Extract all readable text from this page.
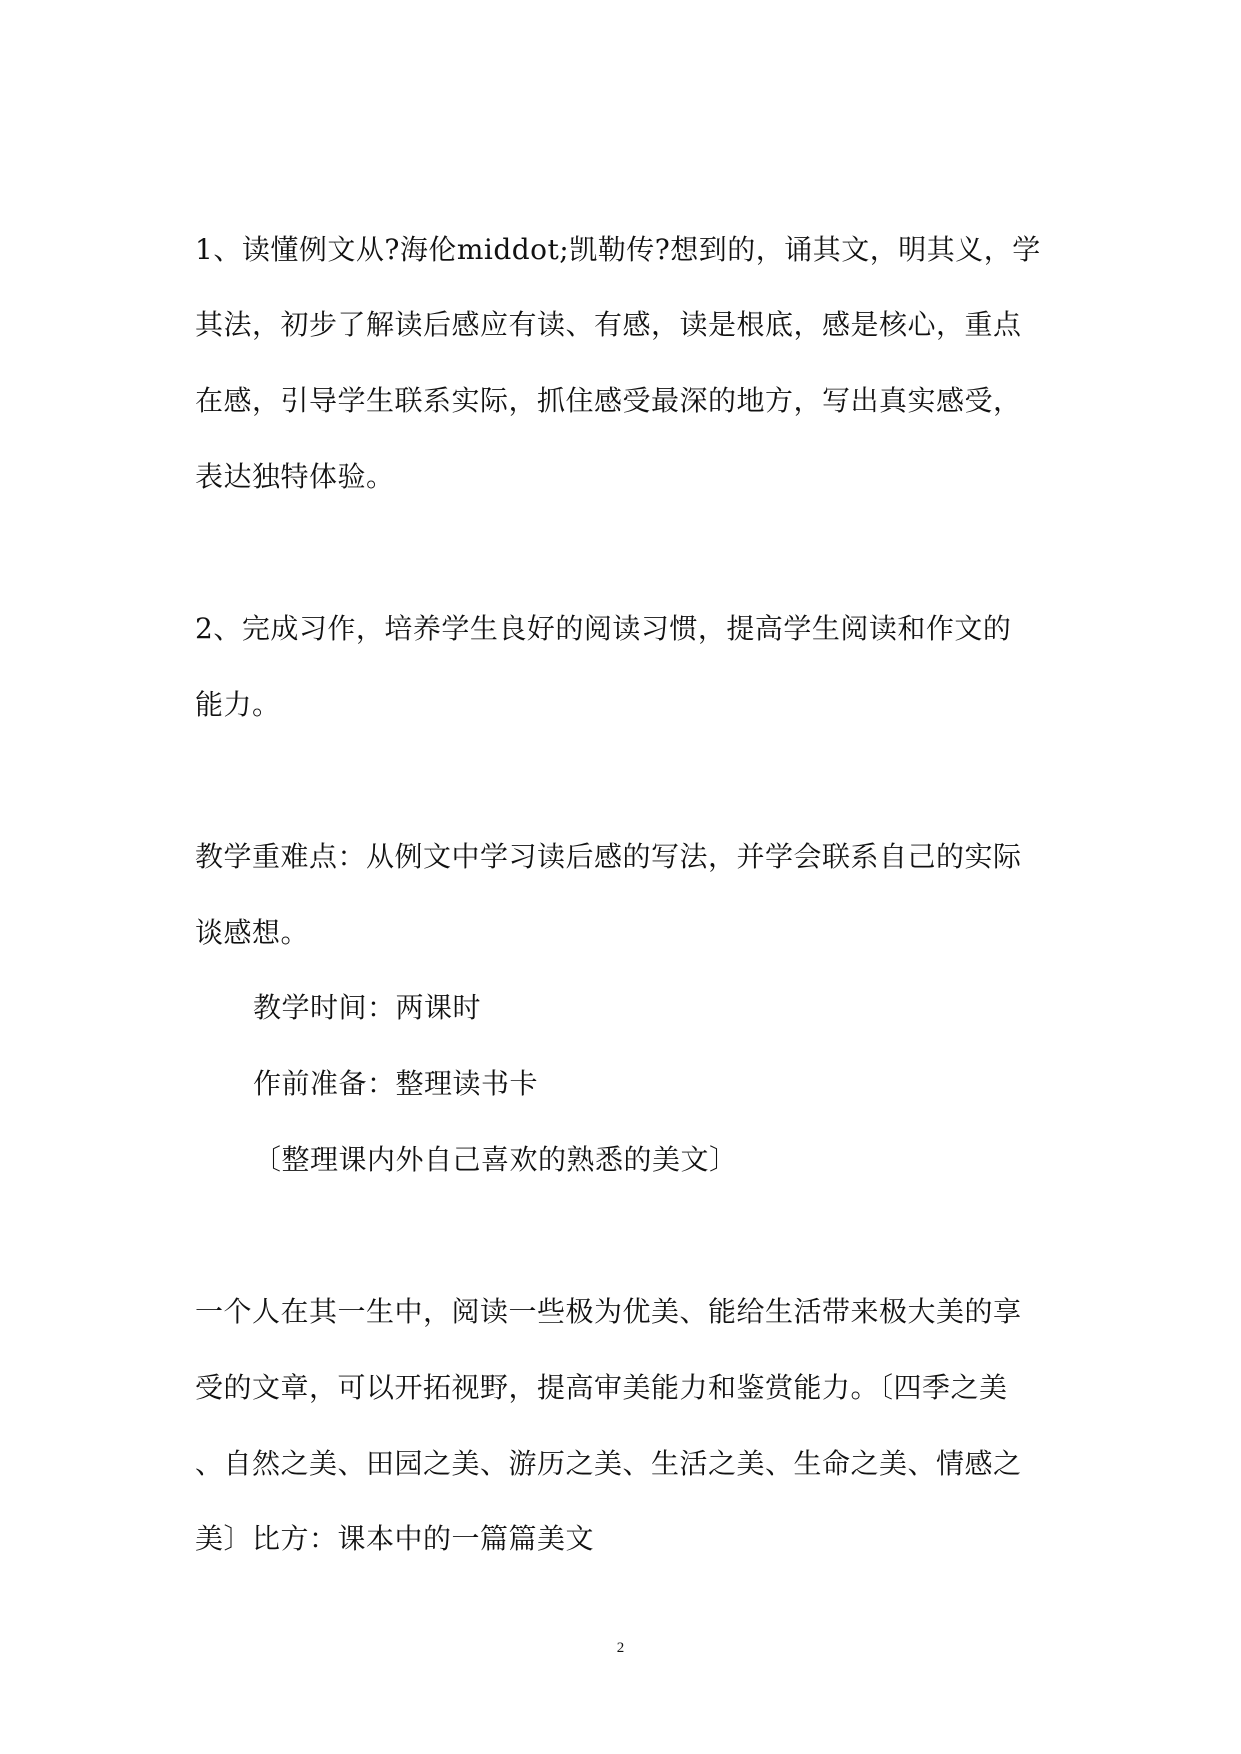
1、读懂例文从?海伦middot;凯勒传?想到的，诵其文，明其义，学
其法，初步了解读后感应有读、有感，读是根底，感是核心，重点
在感，引导学生联系实际，抓住感受最深的地方，写出真实感受，
表达独特体验。
2、完成习作，培养学生良好的阅读习惯，提高学生阅读和作文的
能力。
教学重难点：从例文中学习读后感的写法，并学会联系自己的实际
谈感想。
教学时间：两课时
作前准备：整理读书卡
〔整理课内外自己喜欢的熟悉的美文〕
一个人在其一生中，阅读一些极为优美、能给生活带来极大美的享
受的文章，可以开拓视野，提高审美能力和鉴赏能力。〔四季之美
、自然之美、田园之美、游历之美、生活之美、生命之美、情感之
美〕比方：课本中的一篇篇美文
2
